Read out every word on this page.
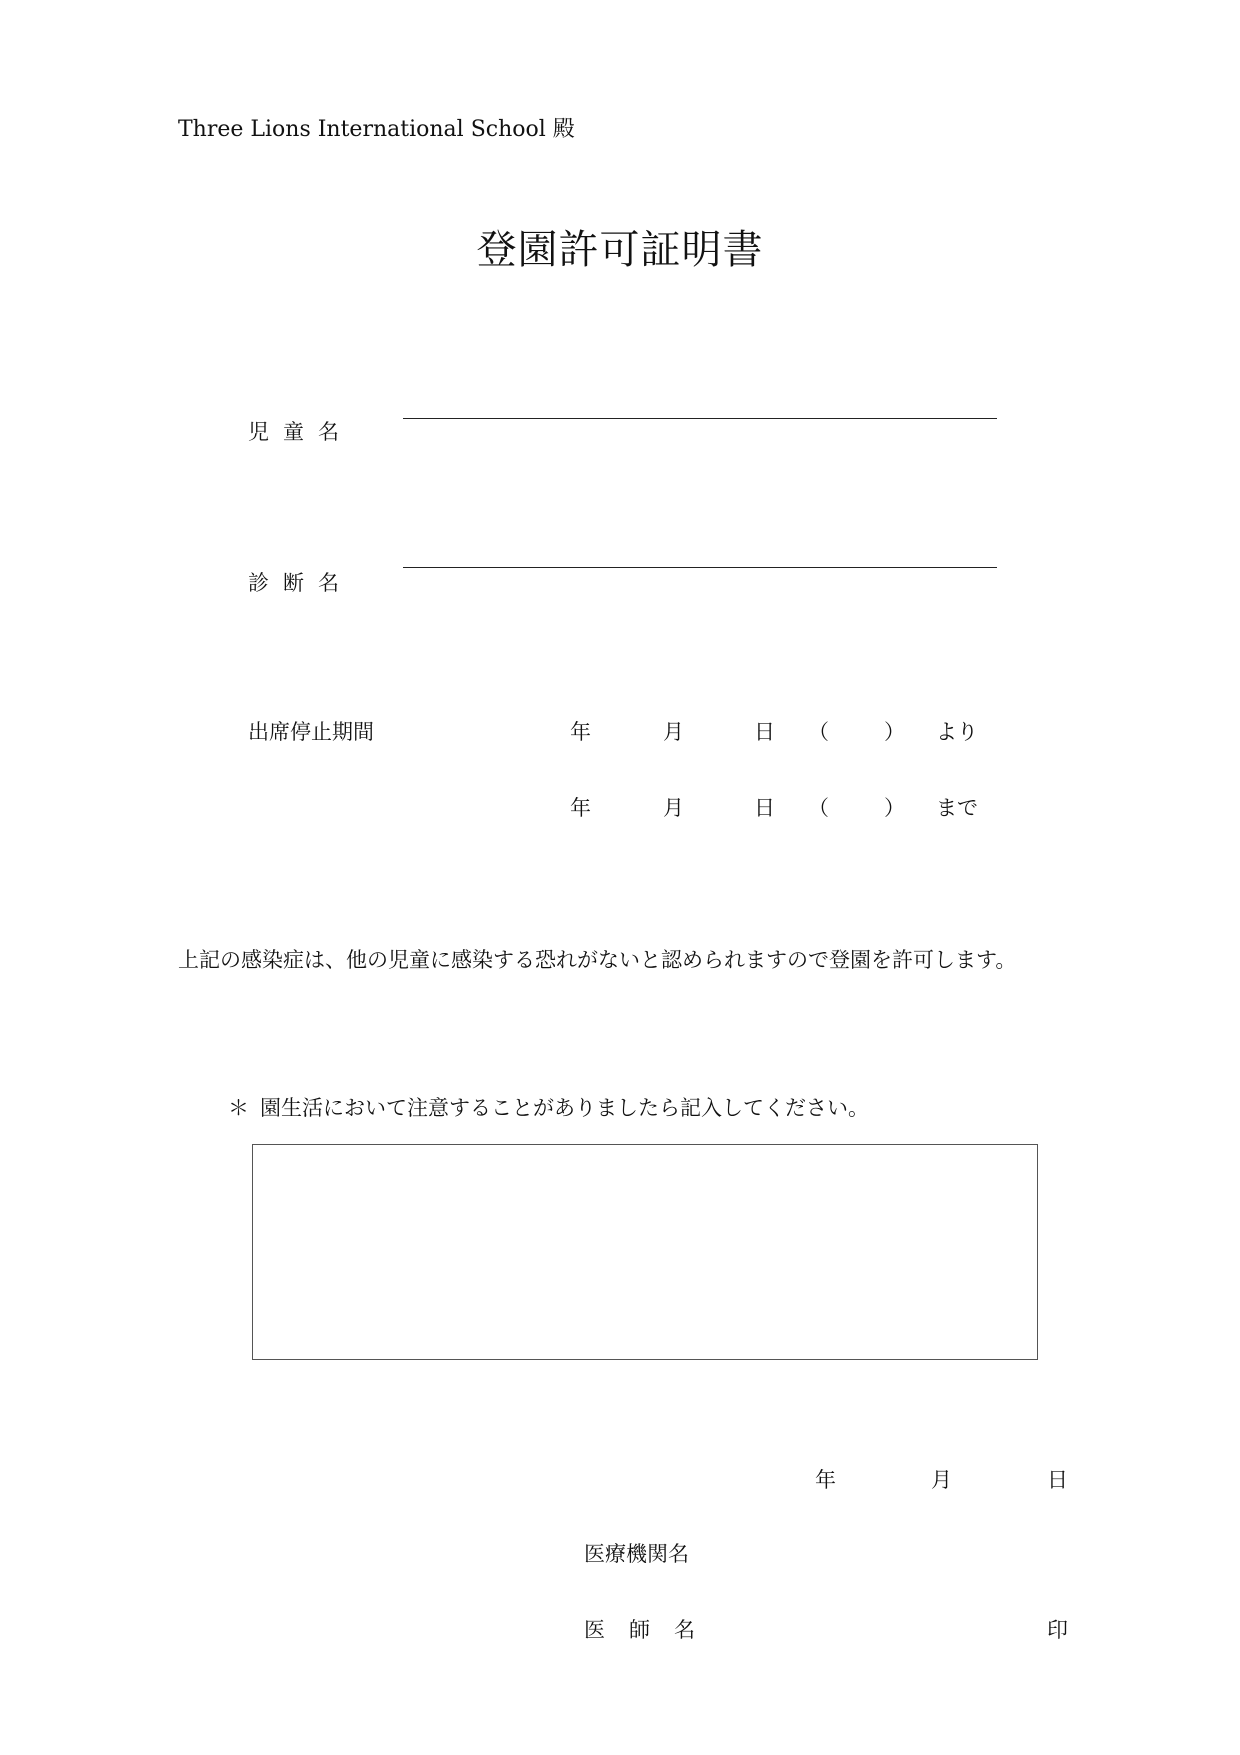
Three Lions International School 殿
登園許可証明書
児童名
診断名
出席停止期間	年	月	日 （	） より
年	月	日 （	） まで
上記の感染症は、他の児童に感染する恐れがないと認められますので登園を許可します。
＊ 園生活において注意することがありましたら記入してください。
年	月	日
医療機関名
医師名	印
